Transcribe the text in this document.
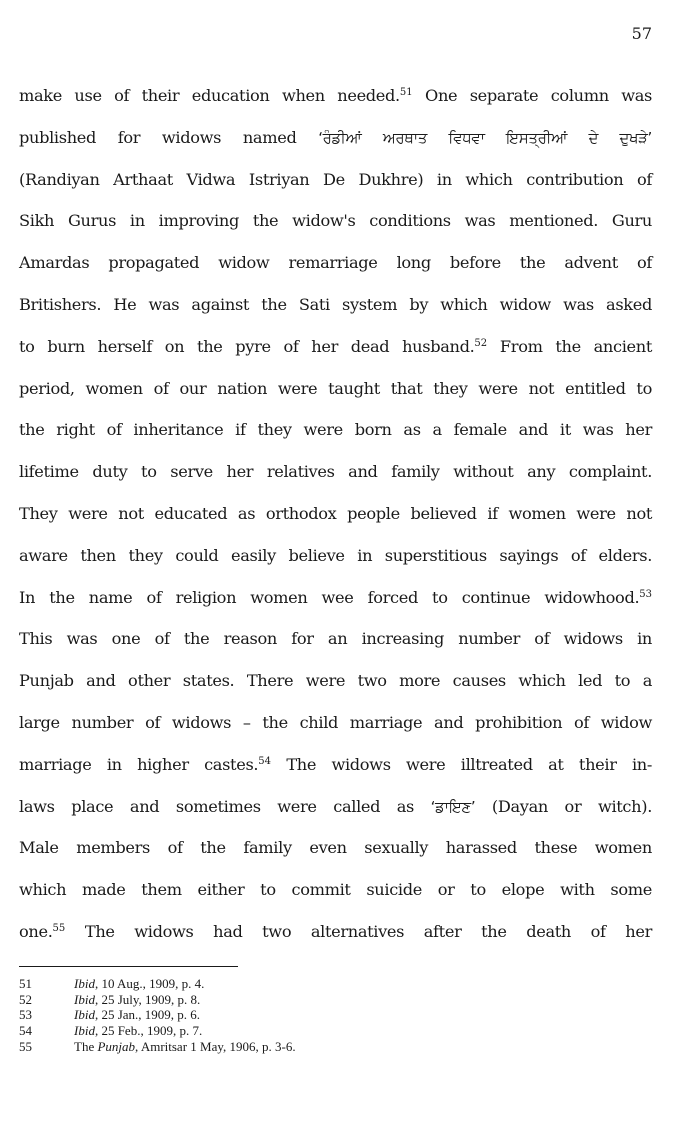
57
make use of their education when needed.$^{51}$ One separate column was
published for widows named ‘ਰੰਡੀਆਂ ਅਰਥਾਤ ਵਿਧਵਾ ਇਸਤ੍ਰੀਆਂ ਦੇ ਦੁਖੜੇ’
(Randiyan Arthaat Vidwa Istriyan De Dukhre) in which contribution of
Sikh Gurus in improving the widow's conditions was mentioned. Guru
Amardas propagated widow remarriage long before the advent of
Britishers. He was against the Sati system by which widow was asked
to burn herself on the pyre of her dead husband.$^{52}$ From the ancient
period, women of our nation were taught that they were not entitled to
the right of inheritance if they were born as a female and it was her
lifetime duty to serve her relatives and family without any complaint.
They were not educated as orthodox people believed if women were not
aware then they could easily believe in superstitious sayings of elders.
In the name of religion women wee forced to continue widowhood.$^{53}$
This was one of the reason for an increasing number of widows in
Punjab and other states. There were two more causes which led to a
large number of widows – the child marriage and prohibition of widow
marriage in higher castes.$^{54}$ The widows were illtreated at their in-
laws place and sometimes were called as ‘ਡਾਇਣ’ (Dayan or witch).
Male members of the family even sexually harassed these women
which made them either to commit suicide or to elope with some
one.$^{55}$ The widows had two alternatives after the death of her
51	Ibid, 10 Aug., 1909, p. 4.
52	Ibid, 25 July, 1909, p. 8.
53	Ibid, 25 Jan., 1909, p. 6.
54	Ibid, 25 Feb., 1909, p. 7.
55	The Punjab, Amritsar 1 May, 1906, p. 3-6.
